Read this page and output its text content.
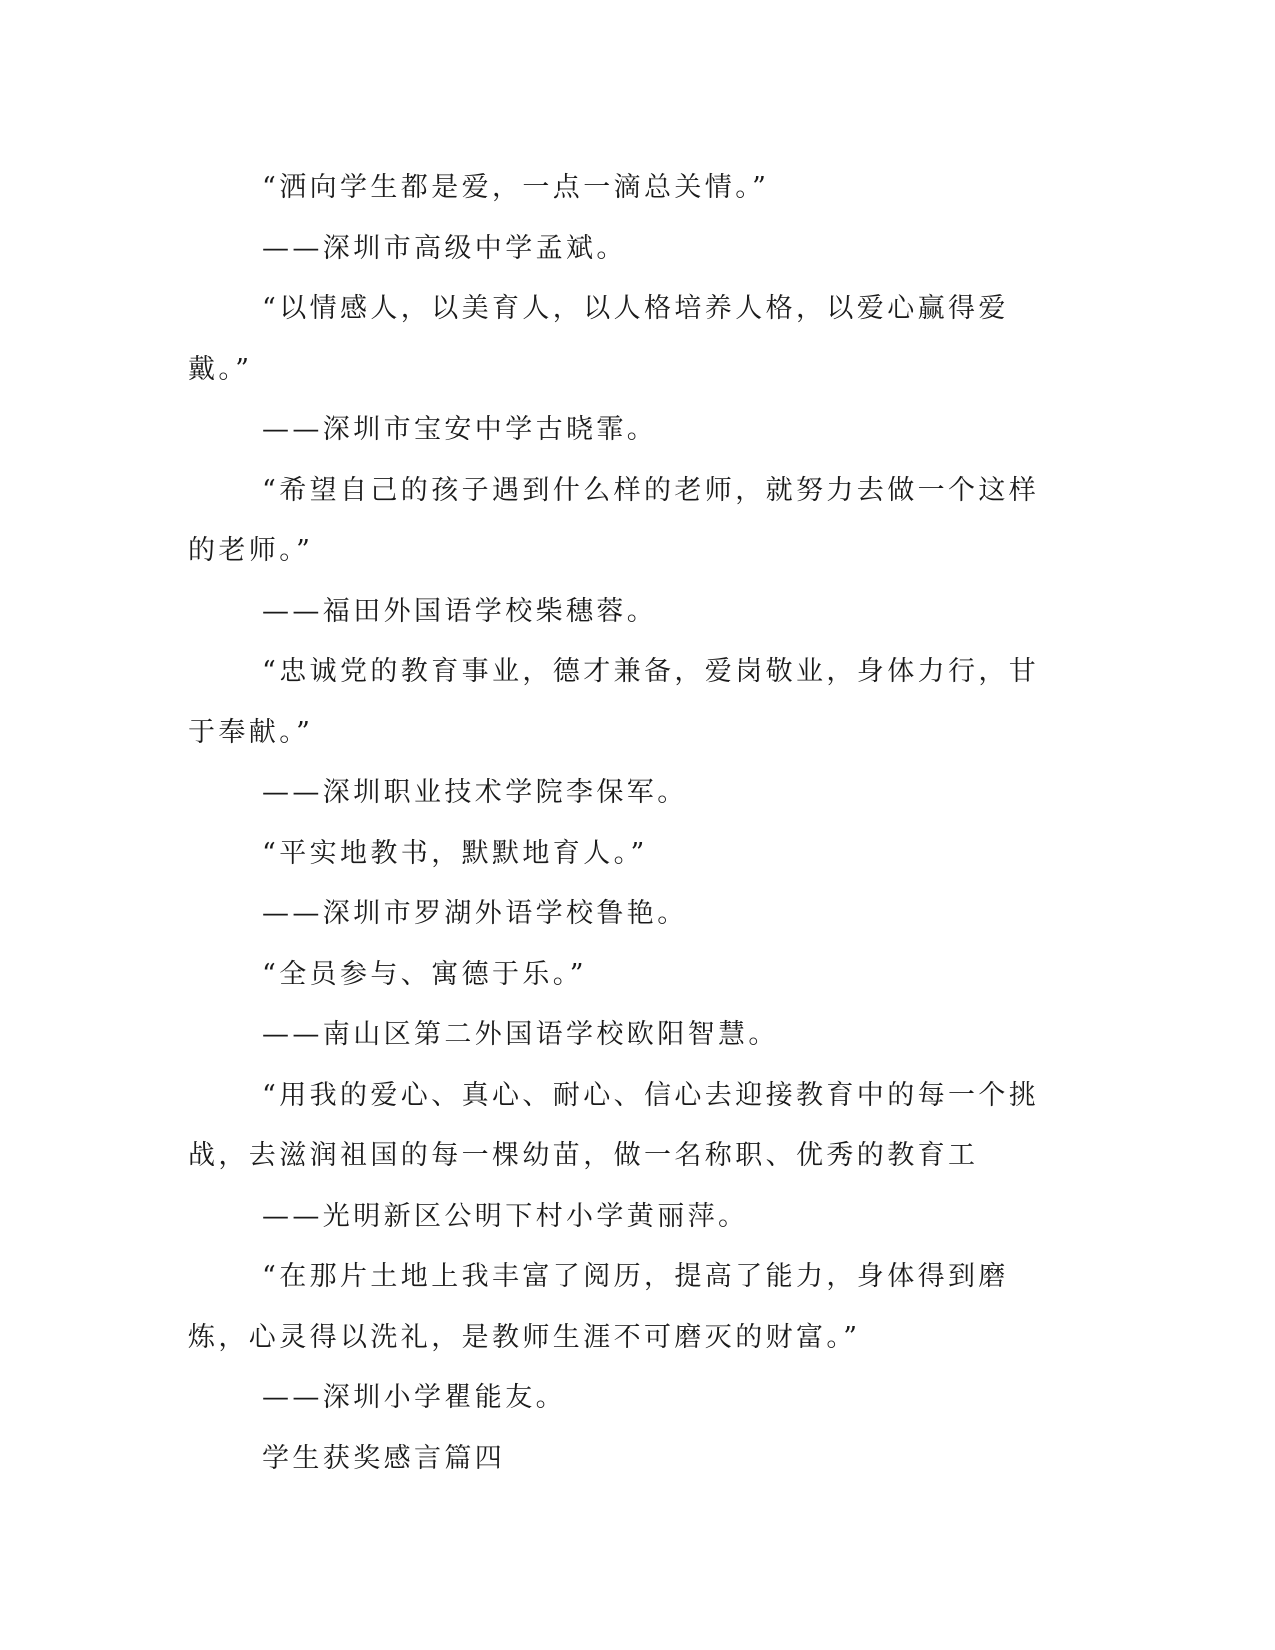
“洒向学生都是爱，一点一滴总关情。”

——深圳市高级中学孟斌。

“以情感人，以美育人，以人格培养人格，以爱心赢得爱戴。”

——深圳市宝安中学古晓霏。

“希望自己的孩子遇到什么样的老师，就努力去做一个这样的老师。”

——福田外国语学校柴穗蓉。

“忠诚党的教育事业，德才兼备，爱岗敬业，身体力行，甘于奉献。”

——深圳职业技术学院李保军。

“平实地教书，默默地育人。”

——深圳市罗湖外语学校鲁艳。

“全员参与、寓德于乐。”

——南山区第二外国语学校欧阳智慧。

“用我的爱心、真心、耐心、信心去迎接教育中的每一个挑战，去滋润祖国的每一棵幼苗，做一名称职、优秀的教育工

——光明新区公明下村小学黄丽萍。

“在那片土地上我丰富了阅历，提高了能力，身体得到磨炼，心灵得以洗礼，是教师生涯不可磨灭的财富。”

——深圳小学瞿能友。

学生获奖感言篇四
